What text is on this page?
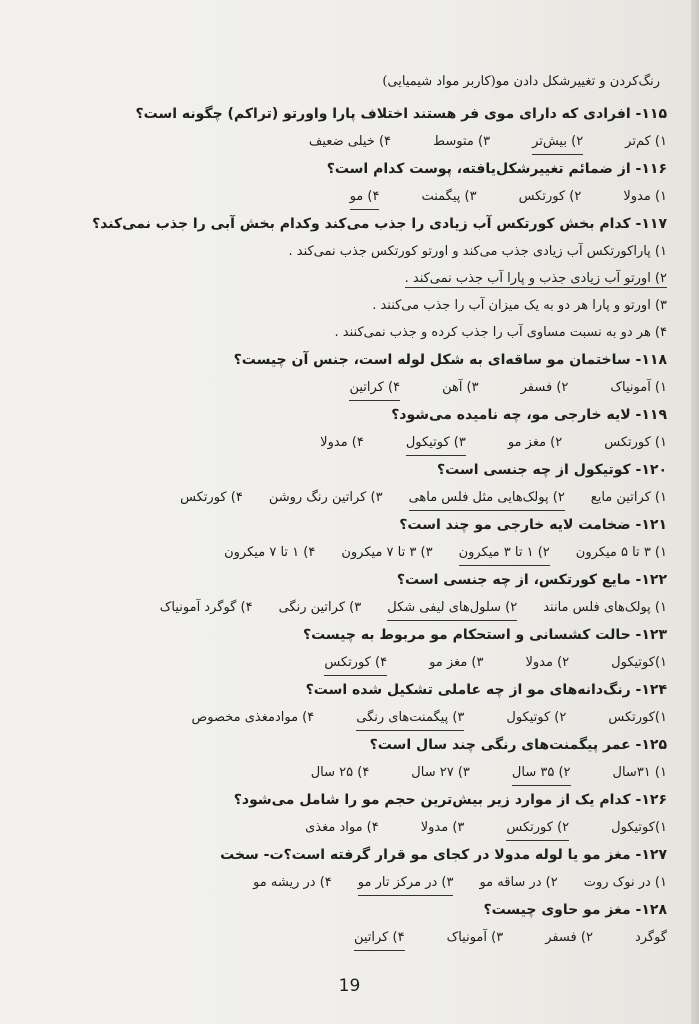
رنگ‌کردن و تغییرشکل دادن مو(کاربر مواد شیمیایی)
۱۱۵- افرادی که دارای موی فر هستند اختلاف پارا واورتو (تراکم) چگونه است؟
۱) کم‌تر
۲) بیش‌تر
۳) متوسط
۴) خیلی ضعیف
۱۱۶- از ضمائم تغییرشکل‌یافته، پوست کدام است؟
۱) مدولا
۲) کورتکس
۳) پیگمنت
۴) مو
۱۱۷- کدام بخش کورتکس آب زیادی را جذب می‌کند وکدام بخش آبی را جذب نمی‌کند؟
۱) پاراکورتکس آب زیادی جذب می‌کند و اورتو کورتکس جذب نمی‌کند .
۲) اورتو آب زیادی جذب و پارا آب جذب نمی‌کند .
۳) اورتو و پارا هر دو به یک میزان آب را جذب می‌کنند .
۴) هر دو به نسبت مساوی آب را جذب کرده و جذب نمی‌کنند .
۱۱۸- ساختمان مو ساقه‌ای به شکل لوله است، جنس آن چیست؟
۱) آمونیاک
۲) فسفر
۳) آهن
۴) کراتین
۱۱۹- لایه خارجی مو، چه نامیده می‌شود؟
۱) کورتکس
۲) مغز مو
۳) کوتیکول
۴) مدولا
۱۲۰- کوتیکول از چه جنسی است؟
۱) کراتین مایع
۲) پولک‌هایی مثل فلس ماهی
۳) کراتین رنگ روشن
۴) کورتکس
۱۲۱- ضخامت لایه خارجی مو چند است؟
۱) ۳ تا ۵ میکرون
۲) ۱ تا ۳ میکرون
۳) ۳ تا ۷ میکرون
۴) ۱ تا ۷ میکرون
۱۲۲- مایع کورتکس، از چه جنسی است؟
۱) پولک‌های فلس مانند
۲) سلول‌های لیفی شکل
۳) کراتین رنگی
۴) گوگرد آمونیاک
۱۲۳- حالت کشسانی و استحکام مو مربوط به چیست؟
۱)کوتیکول
۲) مدولا
۳) مغز مو
۴) کورتکس
۱۲۴- رنگ‌دانه‌های مو از چه عاملی تشکیل شده است؟
۱)کورتکس
۲) کوتیکول
۳) پیگمنت‌های رنگی
۴) موادمغذی مخصوص
۱۲۵- عمر پیگمنت‌های رنگی چند سال است؟
۱) ۳۱سال
۲) ۳۵ سال
۳) ۲۷ سال
۴) ۲۵ سال
۱۲۶- کدام یک از موارد زیر بیش‌ترین حجم مو را شامل می‌شود؟
۱)کوتیکول
۲) کورتکس
۳) مدولا
۴) مواد مغذی
۱۲۷- مغز مو یا لوله مدولا در کجای مو قرار گرفته است؟ت- سخت
۱) در نوک روت
۲) در ساقه مو
۳) در مرکز تار مو
۴) در ریشه مو
۱۲۸- مغز مو حاوی چیست؟
گوگرد
۲) فسفر
۳) آمونیاک
۴) کراتین
19
